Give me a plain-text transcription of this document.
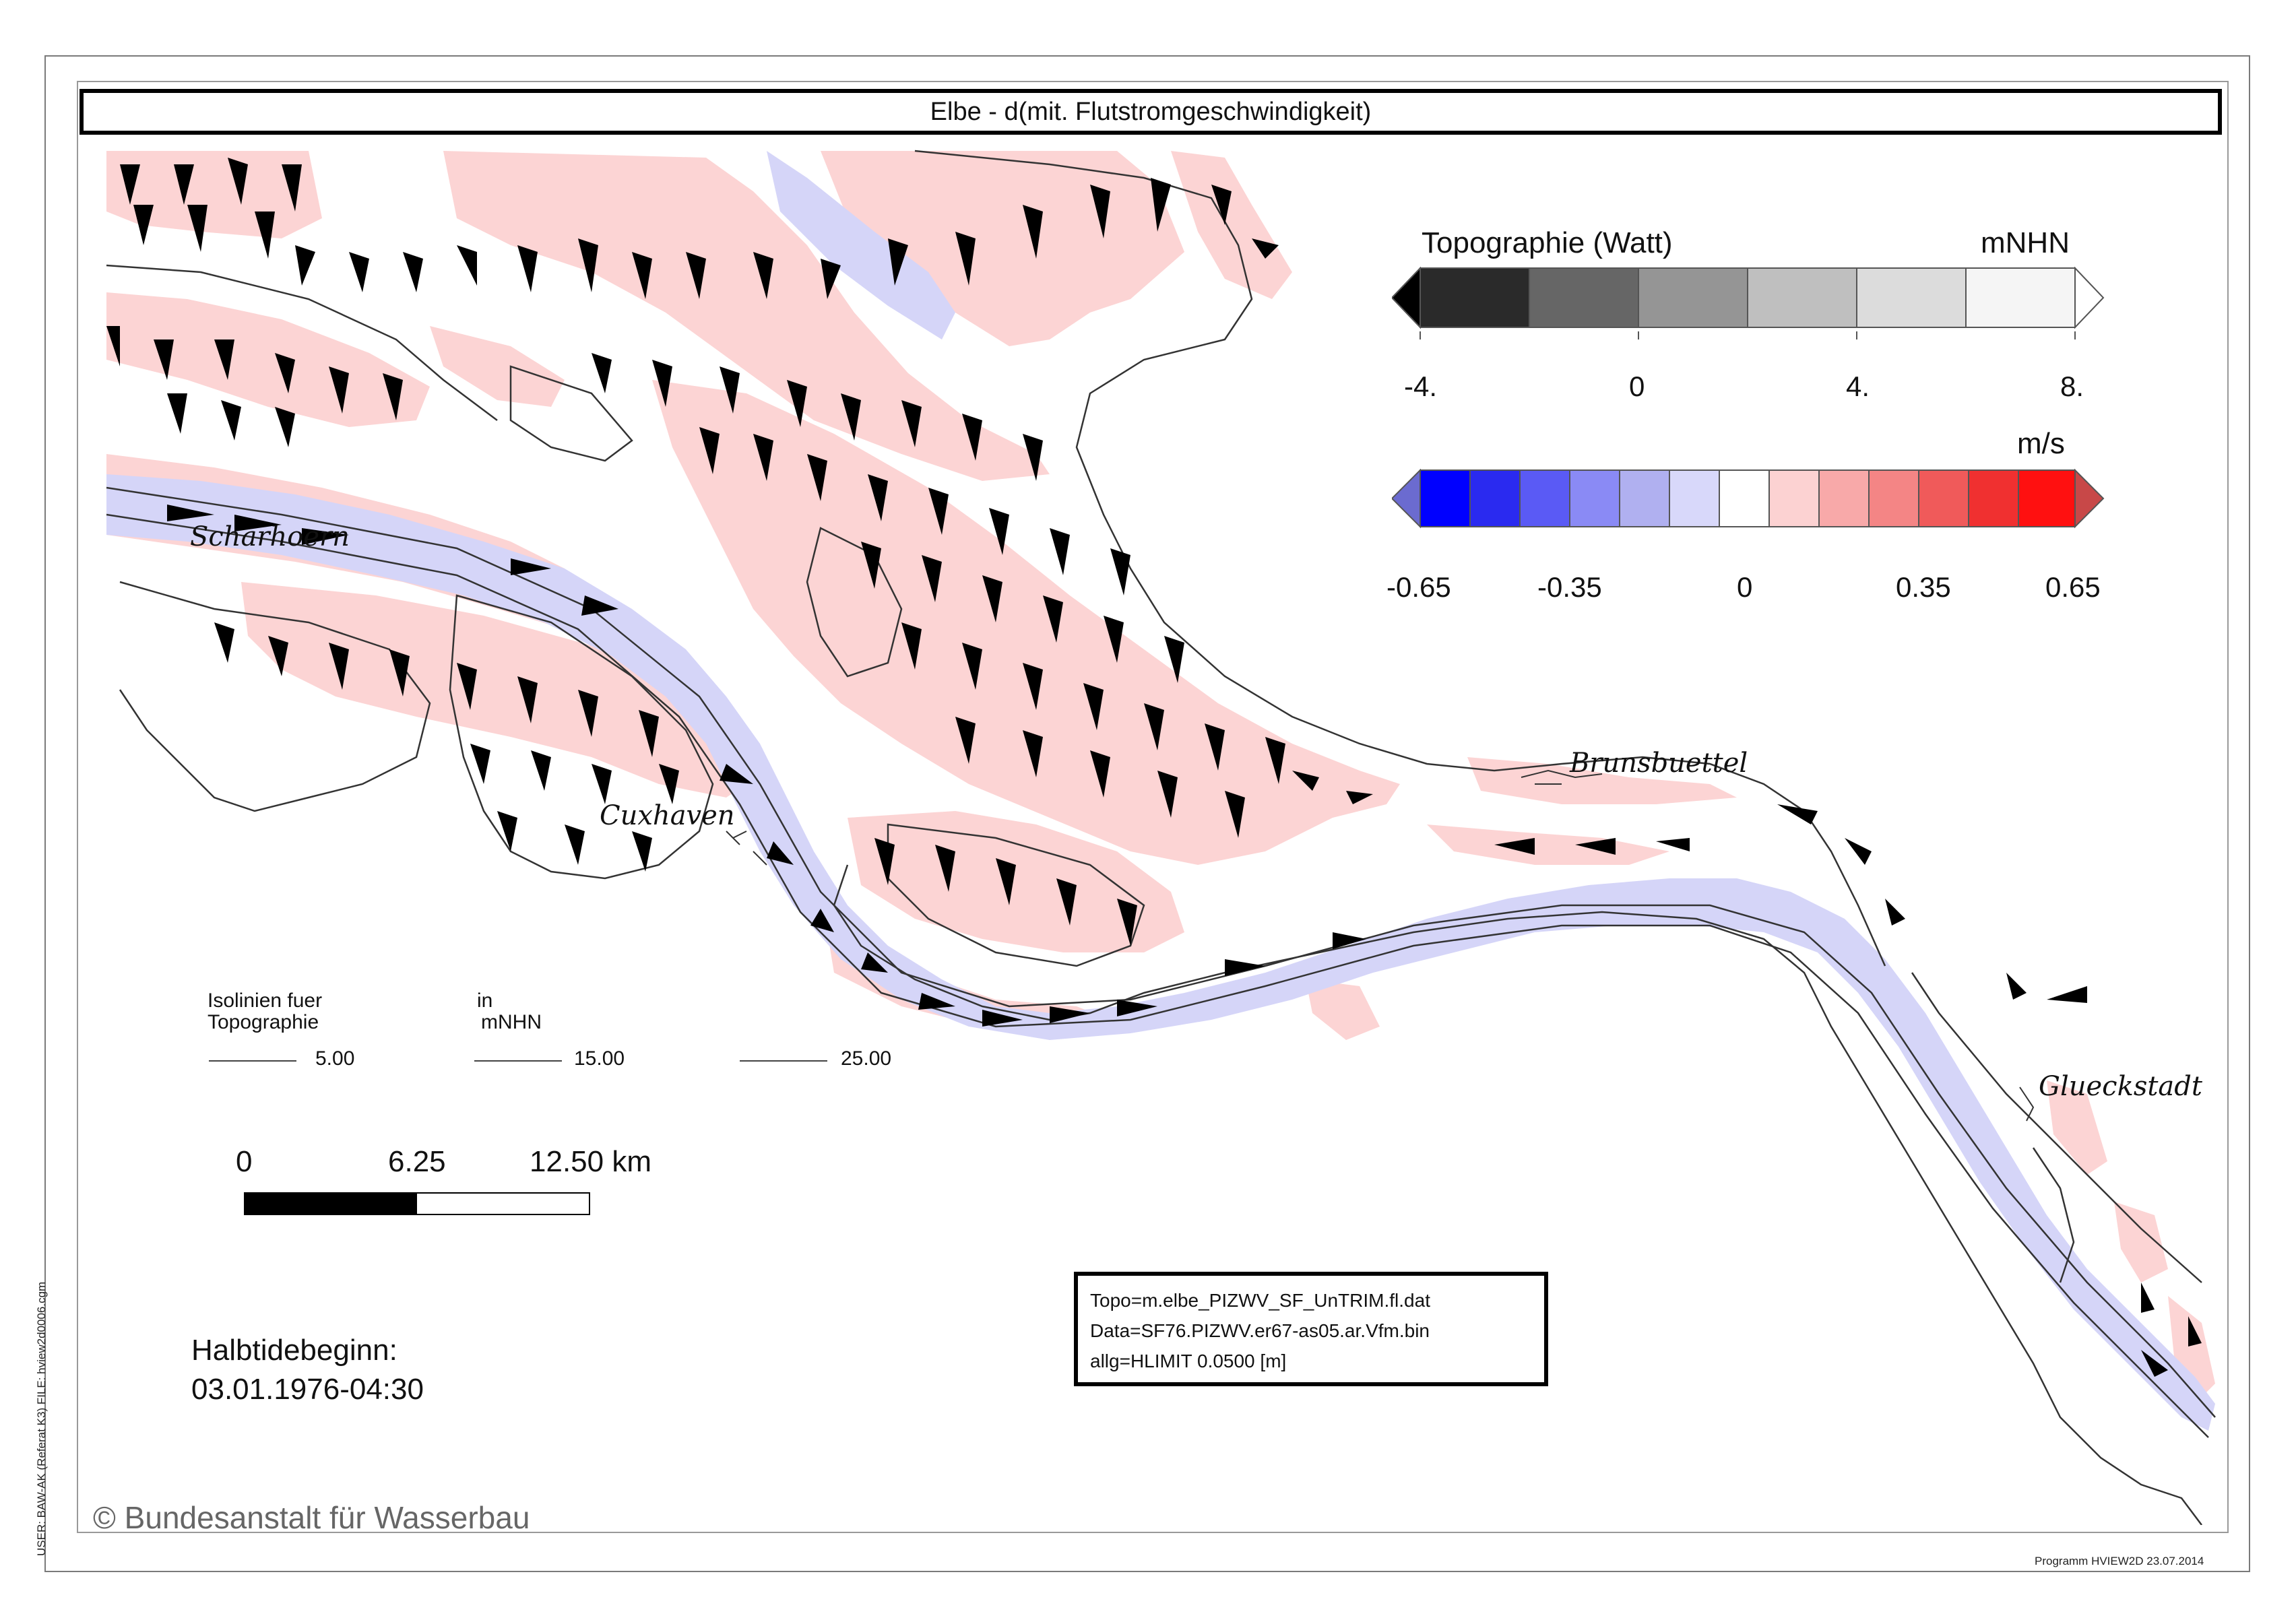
Elbe - d(mit. Flutstromgeschwindigkeit)
Scharhoern
Cuxhaven
Brunsbuettel
Glueckstadt
Topographie (Watt)	mNHN
-4.	0	4.	8.
m/s
-0.65	-0.35	0	0.35	0.65
Isolinien fuer
Topographie
in
mNHN
5.00	15.00	25.00
0	6.25	12.50 km
Topo=m.elbe_PIZWV_SF_UnTRIM.fl.dat
Data=SF76.PIZWV.er67-as05.ar.Vfm.bin
allg=HLIMIT 0.0500 [m]
Halbtidebeginn:
03.01.1976-04:30
© Bundesanstalt für Wasserbau
USER: BAW-AK (Referat K3) FILE: hview2d0006.cgm
Programm HVIEW2D 23.07.2014
